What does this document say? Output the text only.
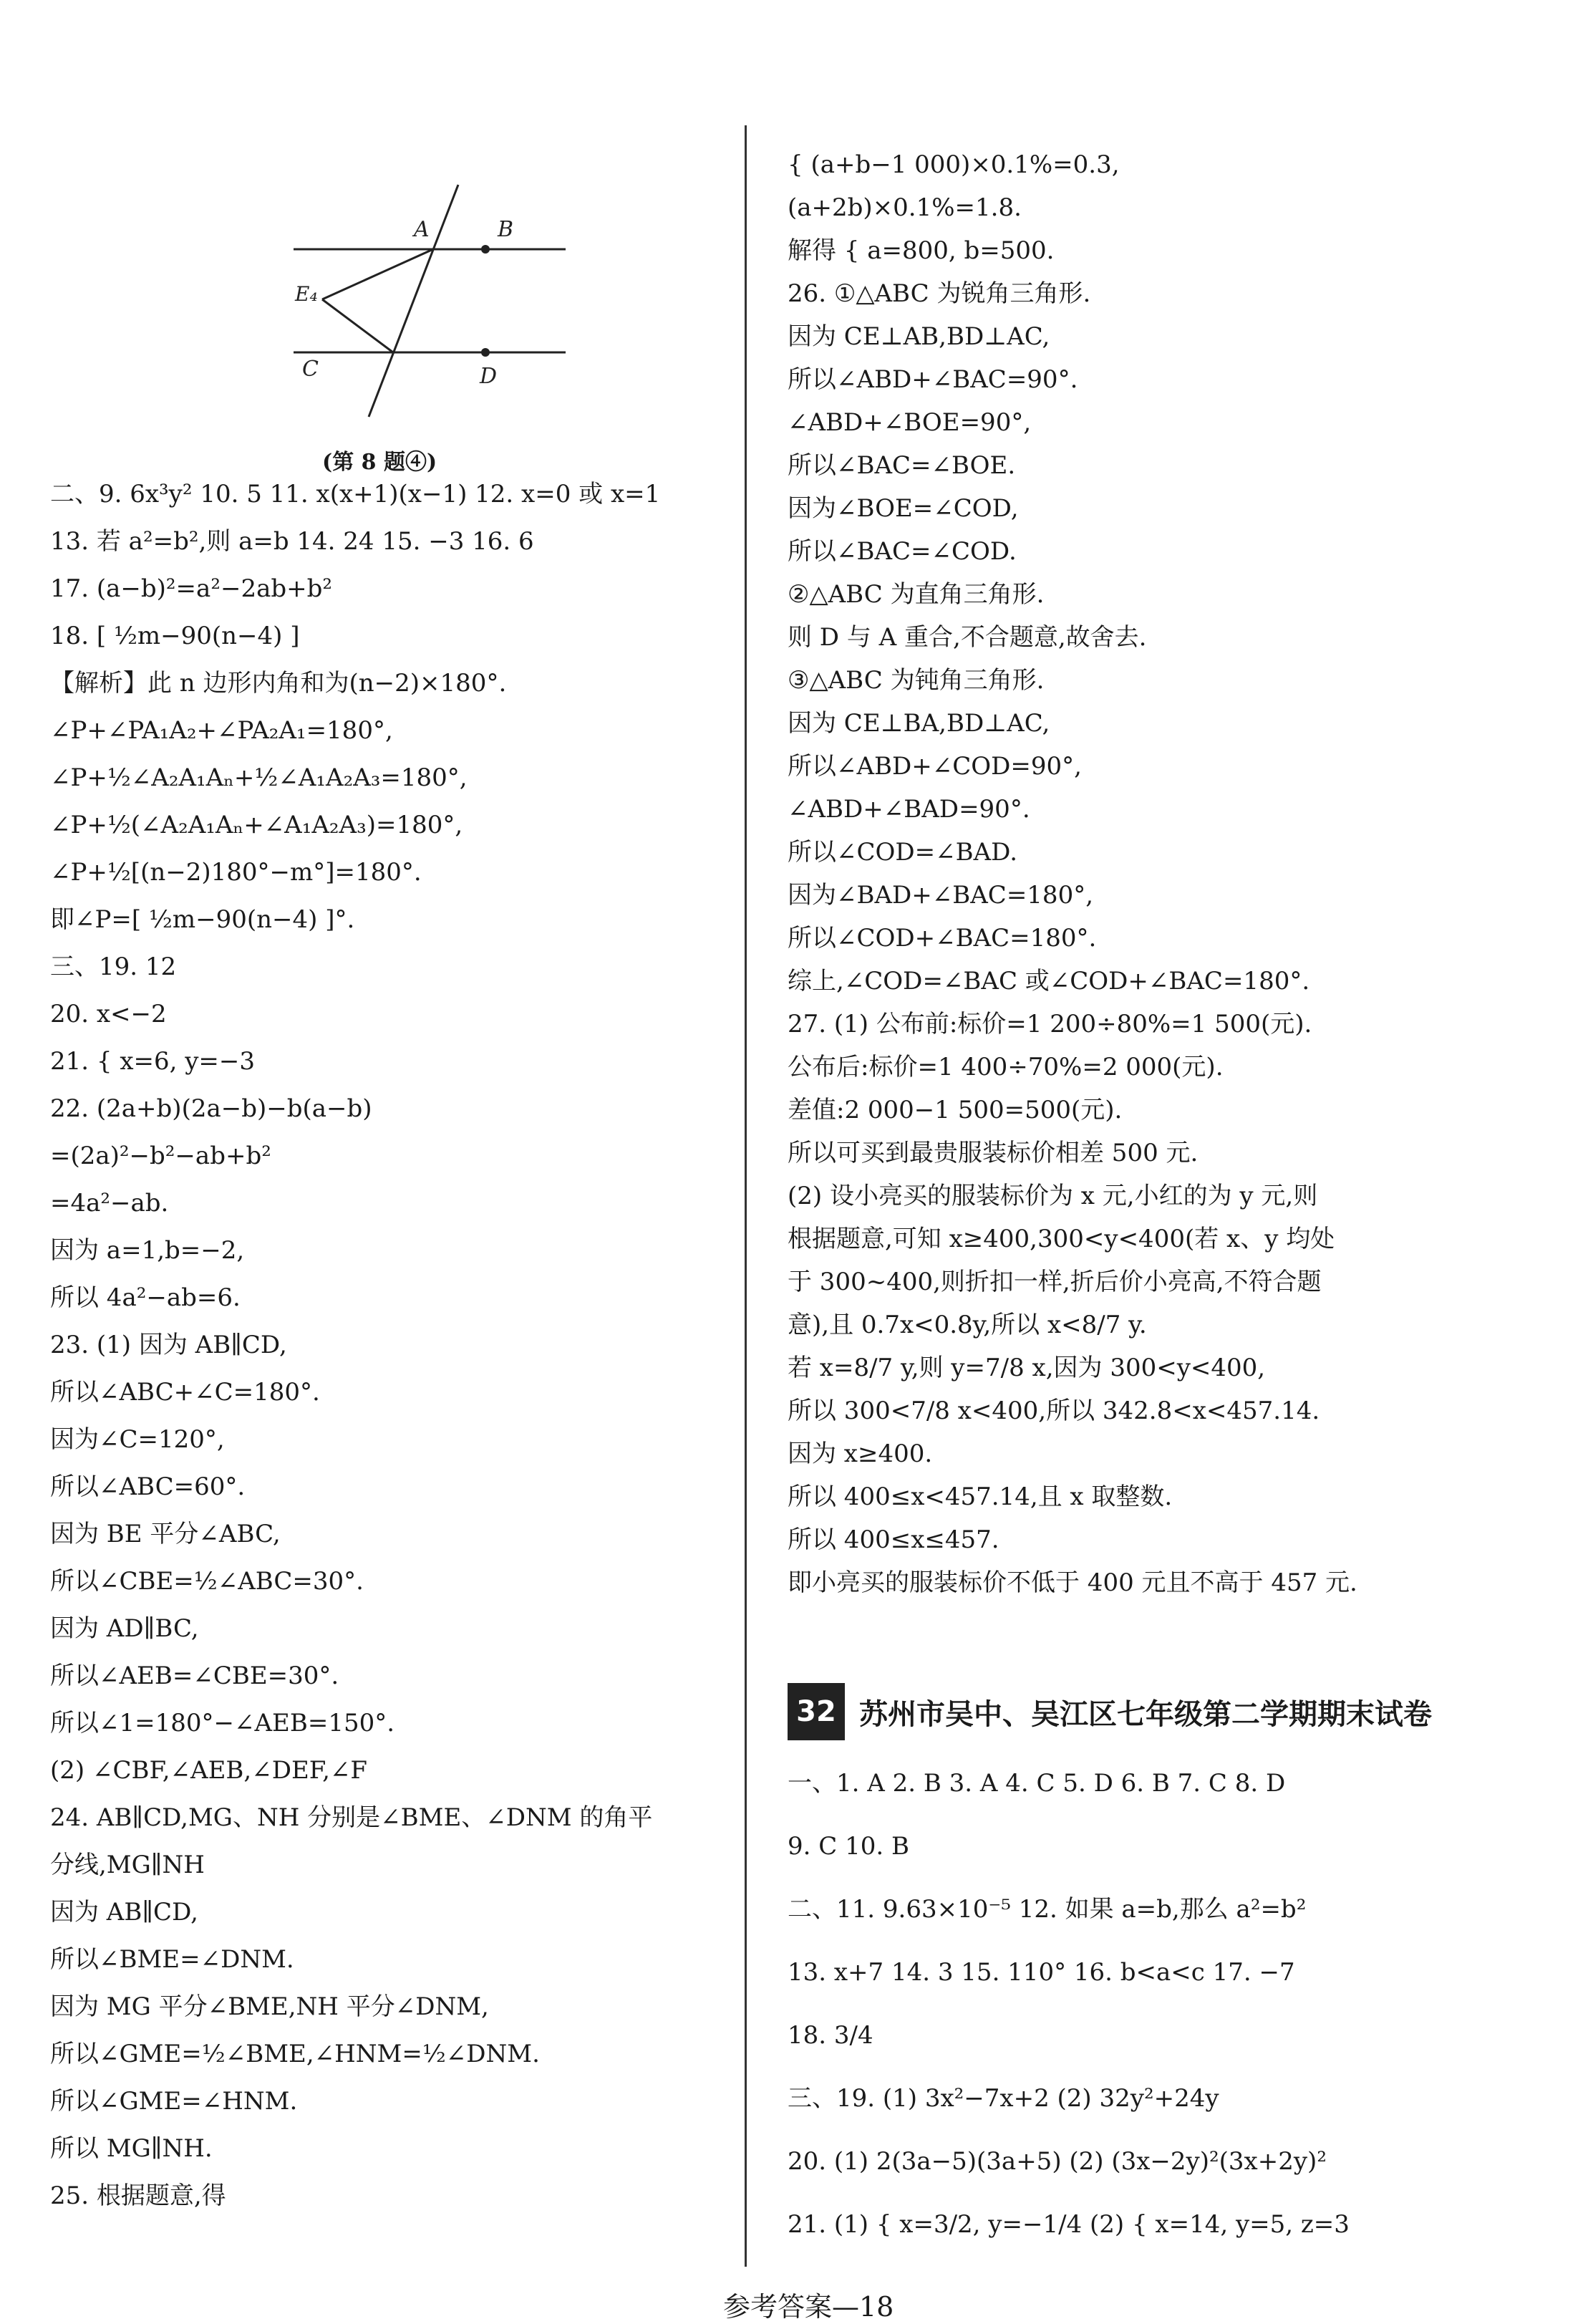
A	B
C	D
E₄
(第 8 题④)
二、9. 6x³y² 10. 5 11. x(x+1)(x−1) 12. x=0 或 x=1
13. 若 a²=b²,则 a=b 14. 24 15. −3 16. 6
17. (a−b)²=a²−2ab+b²
18. [ ½m−90(n−4) ]
【解析】此 n 边形内角和为(n−2)×180°.
∠P+∠PA₁A₂+∠PA₂A₁=180°,
∠P+½∠A₂A₁Aₙ+½∠A₁A₂A₃=180°,
∠P+½(∠A₂A₁Aₙ+∠A₁A₂A₃)=180°,
∠P+½[(n−2)180°−m°]=180°.
即∠P=[ ½m−90(n−4) ]°.
三、19. 12
20. x<−2
21. { x=6, y=−3
22. (2a+b)(2a−b)−b(a−b)
=(2a)²−b²−ab+b²
=4a²−ab.
因为 a=1,b=−2,
所以 4a²−ab=6.
23. (1) 因为 AB∥CD,
所以∠ABC+∠C=180°.
因为∠C=120°,
所以∠ABC=60°.
因为 BE 平分∠ABC,
所以∠CBE=½∠ABC=30°.
因为 AD∥BC,
所以∠AEB=∠CBE=30°.
所以∠1=180°−∠AEB=150°.
(2) ∠CBF,∠AEB,∠DEF,∠F
24. AB∥CD,MG、NH 分别是∠BME、∠DNM 的角平
分线,MG∥NH
因为 AB∥CD,
所以∠BME=∠DNM.
因为 MG 平分∠BME,NH 平分∠DNM,
所以∠GME=½∠BME,∠HNM=½∠DNM.
所以∠GME=∠HNM.
所以 MG∥NH.
25. 根据题意,得
{ (a+b−1 000)×0.1%=0.3,
(a+2b)×0.1%=1.8.
解得 { a=800, b=500.
26. ①△ABC 为锐角三角形.
因为 CE⊥AB,BD⊥AC,
所以∠ABD+∠BAC=90°.
∠ABD+∠BOE=90°,
所以∠BAC=∠BOE.
因为∠BOE=∠COD,
所以∠BAC=∠COD.
②△ABC 为直角三角形.
则 D 与 A 重合,不合题意,故舍去.
③△ABC 为钝角三角形.
因为 CE⊥BA,BD⊥AC,
所以∠ABD+∠COD=90°,
∠ABD+∠BAD=90°.
所以∠COD=∠BAD.
因为∠BAD+∠BAC=180°,
所以∠COD+∠BAC=180°.
综上,∠COD=∠BAC 或∠COD+∠BAC=180°.
27. (1) 公布前:标价=1 200÷80%=1 500(元).
公布后:标价=1 400÷70%=2 000(元).
差值:2 000−1 500=500(元).
所以可买到最贵服装标价相差 500 元.
(2) 设小亮买的服装标价为 x 元,小红的为 y 元,则
根据题意,可知 x≥400,300<y<400(若 x、y 均处
于 300~400,则折扣一样,折后价小亮高,不符合题
意),且 0.7x<0.8y,所以 x<8/7 y.
若 x=8/7 y,则 y=7/8 x,因为 300<y<400,
所以 300<7/8 x<400,所以 342.8<x<457.14.
因为 x≥400.
所以 400≤x<457.14,且 x 取整数.
所以 400≤x≤457.
即小亮买的服装标价不低于 400 元且不高于 457 元.
32 苏州市吴中、吴江区七年级第二学期期末试卷
一、1. A 2. B 3. A 4. C 5. D 6. B 7. C 8. D
9. C 10. B
二、11. 9.63×10⁻⁵ 12. 如果 a=b,那么 a²=b²
13. x+7 14. 3 15. 110° 16. b<a<c 17. −7
18. 3/4
三、19. (1) 3x²−7x+2 (2) 32y²+24y
20. (1) 2(3a−5)(3a+5) (2) (3x−2y)²(3x+2y)²
21. (1) { x=3/2, y=−1/4 (2) { x=14, y=5, z=3
参考答案—18
